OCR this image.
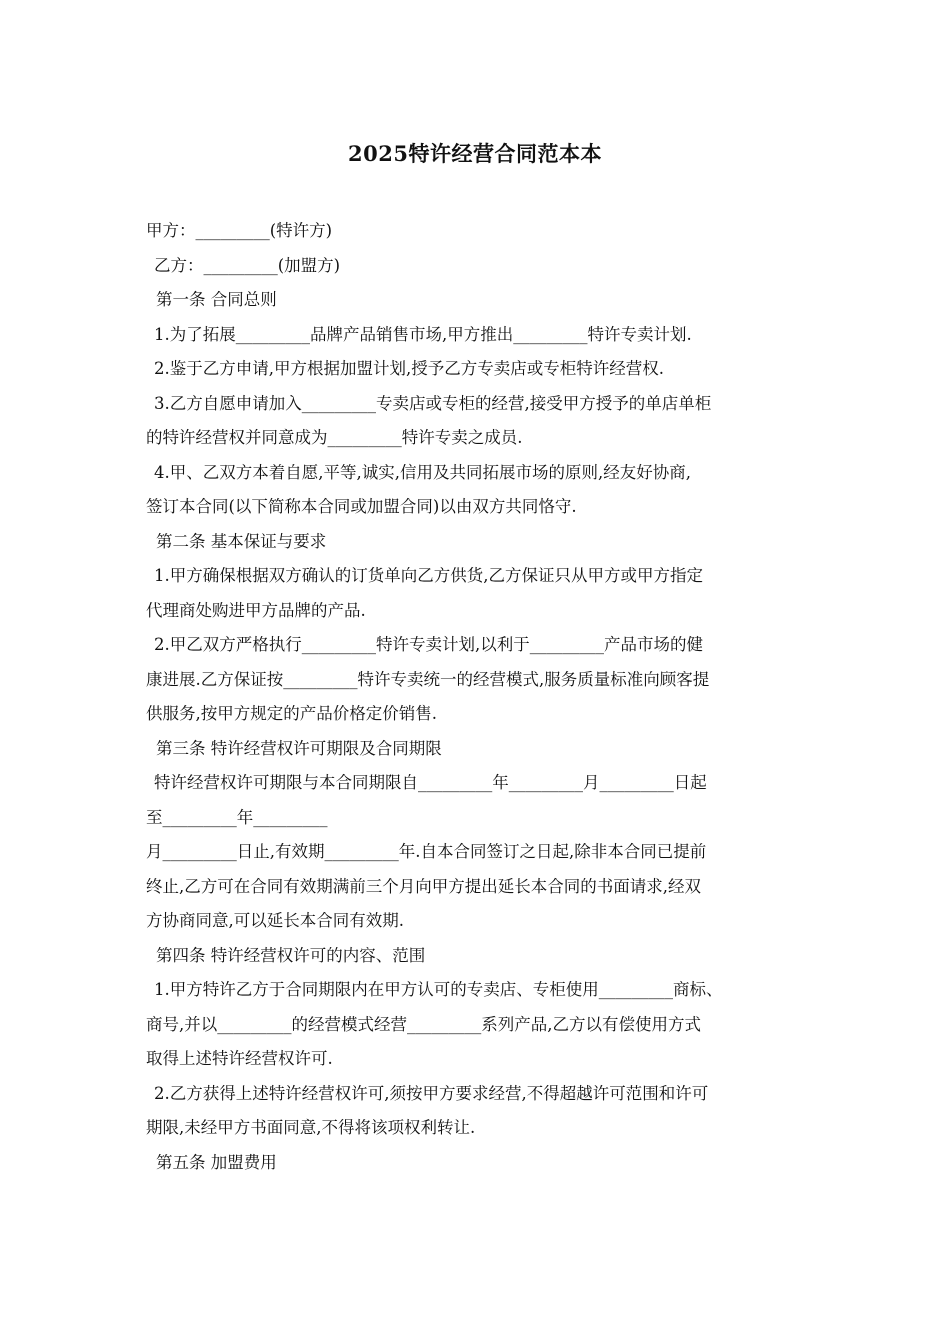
2025特许经营合同范本本
甲方：_________(特许方)
乙方：_________(加盟方)
第一条 合同总则
1.为了拓展_________品牌产品销售市场,甲方推出_________特许专卖计划.
2.鉴于乙方申请,甲方根据加盟计划,授予乙方专卖店或专柜特许经营权.
3.乙方自愿申请加入_________专卖店或专柜的经营,接受甲方授予的单店单柜
的特许经营权并同意成为_________特许专卖之成员.
4.甲、乙双方本着自愿,平等,诚实,信用及共同拓展市场的原则,经友好协商,
签订本合同(以下简称本合同或加盟合同)以由双方共同恪守.
第二条 基本保证与要求
1.甲方确保根据双方确认的订货单向乙方供货,乙方保证只从甲方或甲方指定
代理商处购进甲方品牌的产品.
2.甲乙双方严格执行_________特许专卖计划,以利于_________产品市场的健
康进展.乙方保证按_________特许专卖统一的经营模式,服务质量标准向顾客提
供服务,按甲方规定的产品价格定价销售.
第三条 特许经营权许可期限及合同期限
特许经营权许可期限与本合同期限自_________年_________月_________日起
至_________年_________
月_________日止,有效期_________年.自本合同签订之日起,除非本合同已提前
终止,乙方可在合同有效期满前三个月向甲方提出延长本合同的书面请求,经双
方协商同意,可以延长本合同有效期.
第四条 特许经营权许可的内容、范围
1.甲方特许乙方于合同期限内在甲方认可的专卖店、专柜使用_________商标、
商号,并以_________的经营模式经营_________系列产品,乙方以有偿使用方式
取得上述特许经营权许可.
2.乙方获得上述特许经营权许可,须按甲方要求经营,不得超越许可范围和许可
期限,未经甲方书面同意,不得将该项权利转让.
第五条 加盟费用
